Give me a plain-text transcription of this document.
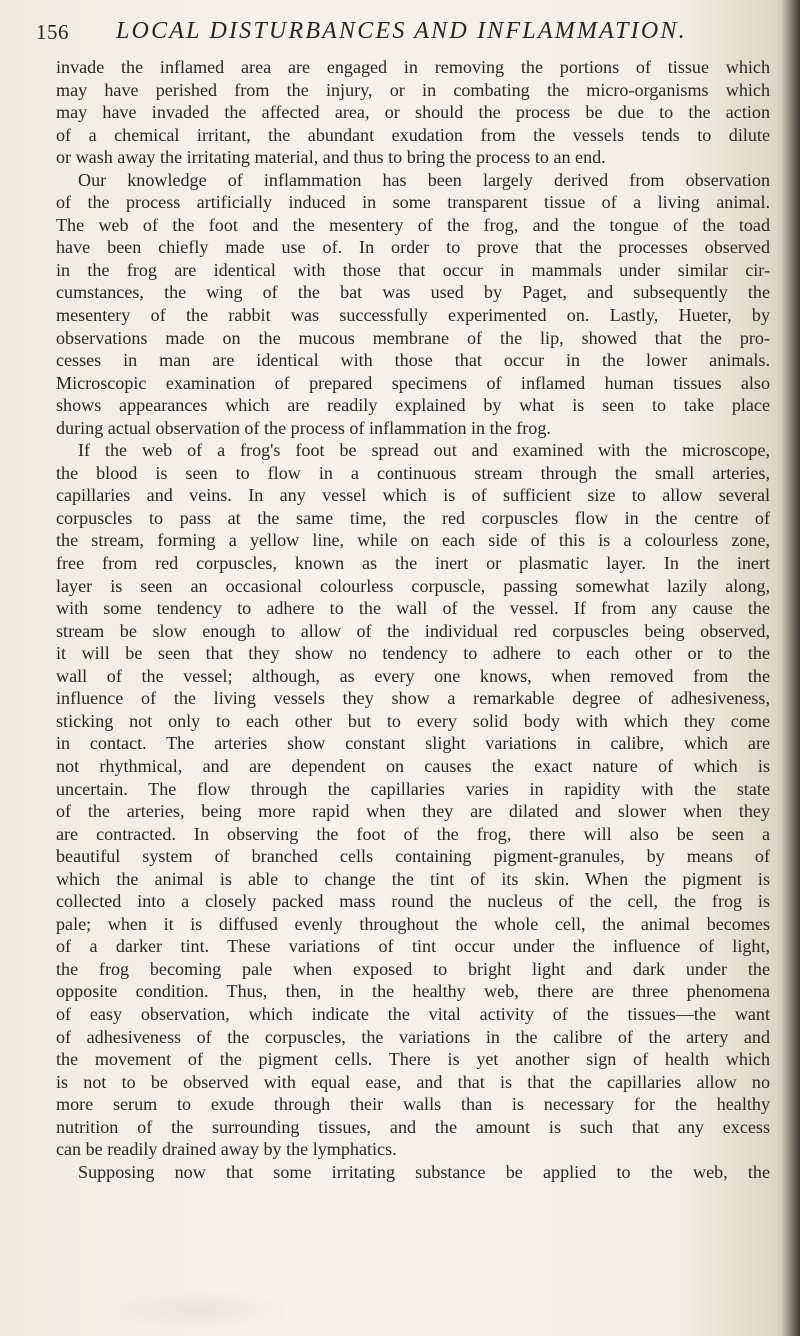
156 LOCAL DISTURBANCES AND INFLAMMATION.
invade the inflamed area are engaged in removing the portions of tissue which
may have perished from the injury, or in combating the micro-organisms which
may have invaded the affected area, or should the process be due to the action
of a chemical irritant, the abundant exudation from the vessels tends to dilute
or wash away the irritating material, and thus to bring the process to an end.
Our knowledge of inflammation has been largely derived from observation
of the process artificially induced in some transparent tissue of a living animal.
The web of the foot and the mesentery of the frog, and the tongue of the toad
have been chiefly made use of. In order to prove that the processes observed
in the frog are identical with those that occur in mammals under similar cir-
cumstances, the wing of the bat was used by Paget, and subsequently the
mesentery of the rabbit was successfully experimented on. Lastly, Hueter, by
observations made on the mucous membrane of the lip, showed that the pro-
cesses in man are identical with those that occur in the lower animals.
Microscopic examination of prepared specimens of inflamed human tissues also
shows appearances which are readily explained by what is seen to take place
during actual observation of the process of inflammation in the frog.
If the web of a frog's foot be spread out and examined with the microscope,
the blood is seen to flow in a continuous stream through the small arteries,
capillaries and veins. In any vessel which is of sufficient size to allow several
corpuscles to pass at the same time, the red corpuscles flow in the centre of
the stream, forming a yellow line, while on each side of this is a colourless zone,
free from red corpuscles, known as the inert or plasmatic layer. In the inert
layer is seen an occasional colourless corpuscle, passing somewhat lazily along,
with some tendency to adhere to the wall of the vessel. If from any cause the
stream be slow enough to allow of the individual red corpuscles being observed,
it will be seen that they show no tendency to adhere to each other or to the
wall of the vessel; although, as every one knows, when removed from the
influence of the living vessels they show a remarkable degree of adhesiveness,
sticking not only to each other but to every solid body with which they come
in contact. The arteries show constant slight variations in calibre, which are
not rhythmical, and are dependent on causes the exact nature of which is
uncertain. The flow through the capillaries varies in rapidity with the state
of the arteries, being more rapid when they are dilated and slower when they
are contracted. In observing the foot of the frog, there will also be seen a
beautiful system of branched cells containing pigment-granules, by means of
which the animal is able to change the tint of its skin. When the pigment is
collected into a closely packed mass round the nucleus of the cell, the frog is
pale; when it is diffused evenly throughout the whole cell, the animal becomes
of a darker tint. These variations of tint occur under the influence of light,
the frog becoming pale when exposed to bright light and dark under the
opposite condition. Thus, then, in the healthy web, there are three phenomena
of easy observation, which indicate the vital activity of the tissues—the want
of adhesiveness of the corpuscles, the variations in the calibre of the artery and
the movement of the pigment cells. There is yet another sign of health which
is not to be observed with equal ease, and that is that the capillaries allow no
more serum to exude through their walls than is necessary for the healthy
nutrition of the surrounding tissues, and the amount is such that any excess
can be readily drained away by the lymphatics.
Supposing now that some irritating substance be applied to the web, the
